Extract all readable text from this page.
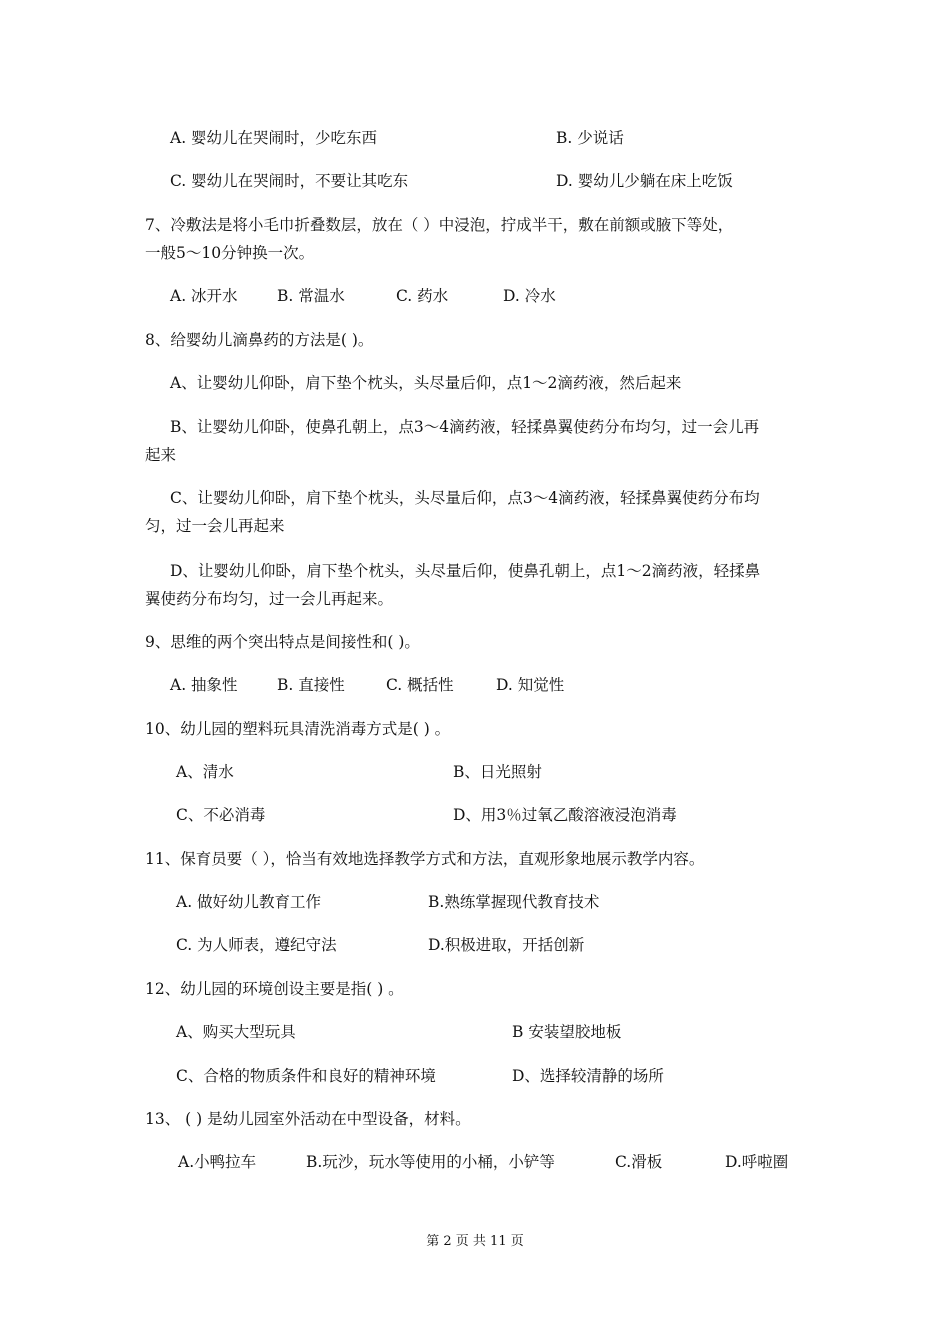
A. 婴幼儿在哭闹时，少吃东西	B. 少说话
C. 婴幼儿在哭闹时，不要让其吃东	D. 婴幼儿少躺在床上吃饭
7、冷敷法是将小毛巾折叠数层，放在（ ）中浸泡，拧成半干，敷在前额或腋下等处，
一般5～10分钟换一次。
A. 冰开水	B. 常温水	C. 药水	D. 冷水
8、给婴幼儿滴鼻药的方法是( )。
A、让婴幼儿仰卧，肩下垫个枕头，头尽量后仰，点1～2滴药液，然后起来
B、让婴幼儿仰卧，使鼻孔朝上，点3～4滴药液，轻揉鼻翼使药分布均匀，过一会儿再
起来
C、让婴幼儿仰卧，肩下垫个枕头，头尽量后仰，点3～4滴药液，轻揉鼻翼使药分布均
匀，过一会儿再起来
D、让婴幼儿仰卧，肩下垫个枕头，头尽量后仰，使鼻孔朝上，点1～2滴药液，轻揉鼻
翼使药分布均匀，过一会儿再起来。
9、思维的两个突出特点是间接性和( )。
A. 抽象性	B. 直接性	C. 概括性	D. 知觉性
10、幼儿园的塑料玩具清洗消毒方式是( ) 。
A、清水	B、日光照射
C、不必消毒	D、用3％过氧乙酸溶液浸泡消毒
11、保育员要（ ），恰当有效地选择教学方式和方法，直观形象地展示教学内容。
A. 做好幼儿教育工作	B.熟练掌握现代教育技术
C. 为人师表，遵纪守法	D.积极进取，开括创新
12、幼儿园的环境创设主要是指( ) 。
A、购买大型玩具	B 安装望胶地板
C、合格的物质条件和良好的精神环境	D、选择较清静的场所
13、 ( ) 是幼儿园室外活动在中型设备，材料。
A.小鸭拉车	B.玩沙，玩水等使用的小桶，小铲等	C.滑板	D.呼啦圈
第 2 页 共 11 页
